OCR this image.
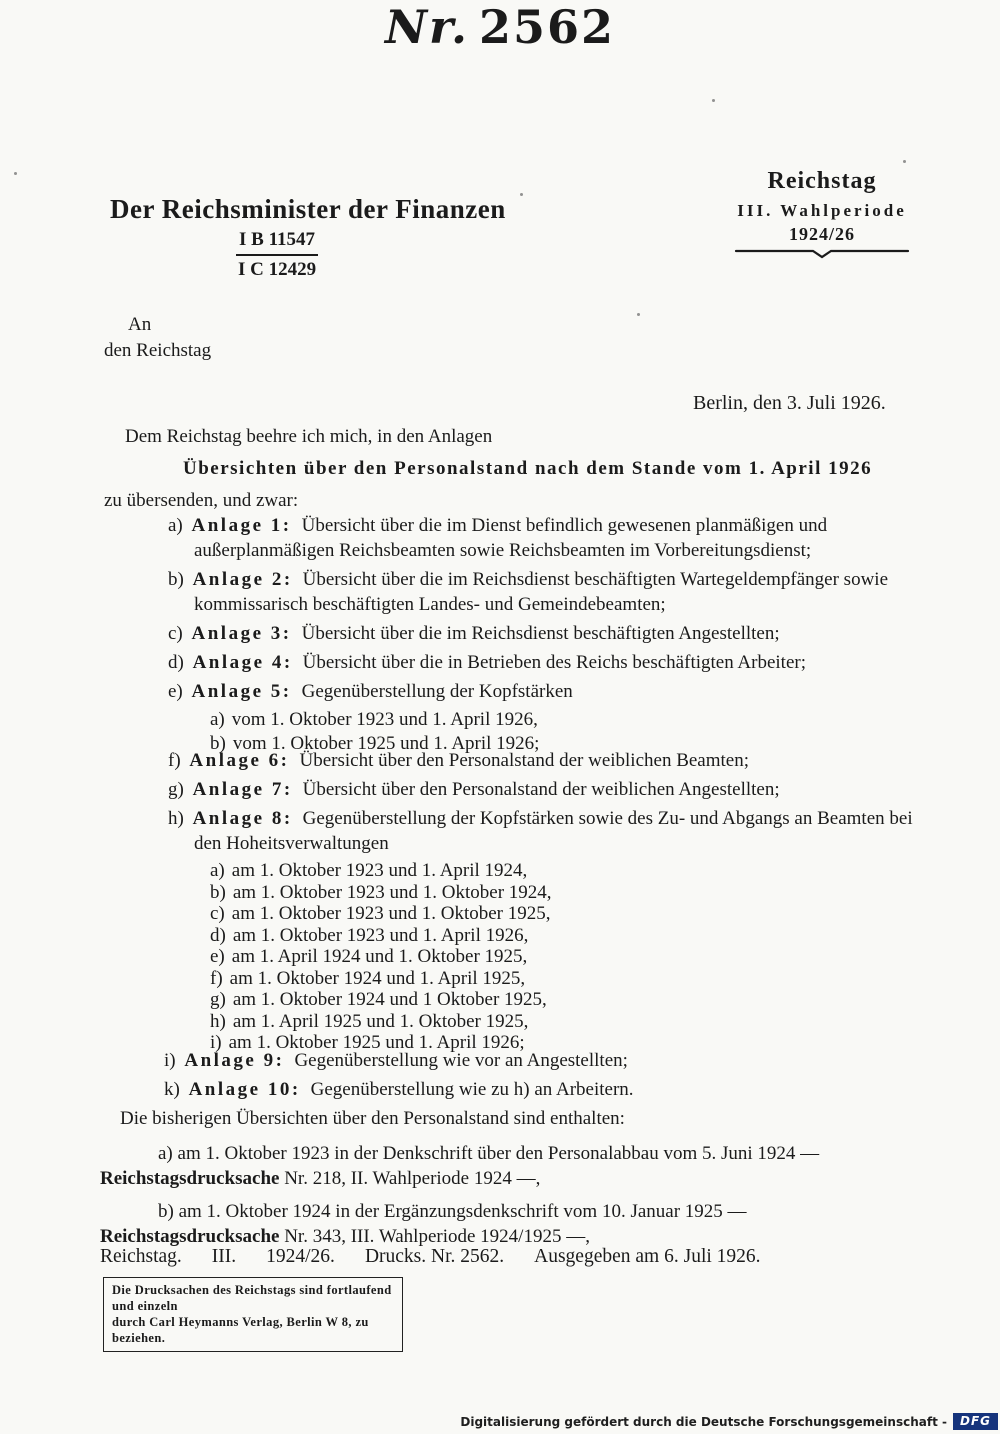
Nr. 2562
Der Reichsminister der Finanzen
I B 11547
I C 12429
Reichstag
III. Wahlperiode
1924/26
An
den Reichstag
Berlin, den 3. Juli 1926.
Dem Reichstag beehre ich mich, in den Anlagen
Übersichten über den Personalstand nach dem Stande vom 1. April 1926
zu übersenden, und zwar:
a) Anlage 1: Übersicht über die im Dienst befindlich gewesenen planmäßigen und außerplanmäßigen Reichsbeamten sowie Reichsbeamten im Vorbereitungsdienst;
b) Anlage 2: Übersicht über die im Reichsdienst beschäftigten Wartegeldempfänger sowie kommissarisch beschäftigten Landes- und Gemeindebeamten;
c) Anlage 3: Übersicht über die im Reichsdienst beschäftigten Angestellten;
d) Anlage 4: Übersicht über die in Betrieben des Reichs beschäftigten Arbeiter;
e) Anlage 5: Gegenüberstellung der Kopfstärken
a) vom 1. Oktober 1923 und 1. April 1926,
b) vom 1. Oktober 1925 und 1. April 1926;
f) Anlage 6: Übersicht über den Personalstand der weiblichen Beamten;
g) Anlage 7: Übersicht über den Personalstand der weiblichen Angestellten;
h) Anlage 8: Gegenüberstellung der Kopfstärken sowie des Zu- und Abgangs an Beamten bei den Hoheitsverwaltungen
a) am 1. Oktober 1923 und 1. April 1924,
b) am 1. Oktober 1923 und 1. Oktober 1924,
c) am 1. Oktober 1923 und 1. Oktober 1925,
d) am 1. Oktober 1923 und 1. April 1926,
e) am 1. April 1924 und 1. Oktober 1925,
f) am 1. Oktober 1924 und 1. April 1925,
g) am 1. Oktober 1924 und 1 Oktober 1925,
h) am 1. April 1925 und 1. Oktober 1925,
i) am 1. Oktober 1925 und 1. April 1926;
i) Anlage 9: Gegenüberstellung wie vor an Angestellten;
k) Anlage 10: Gegenüberstellung wie zu h) an Arbeitern.

Die bisherigen Übersichten über den Personalstand sind enthalten:

a) am 1. Oktober 1923 in der Denkschrift über den Personalabbau vom 5. Juni 1924 — Reichstagsdrucksache Nr. 218, II. Wahlperiode 1924 —,

b) am 1. Oktober 1924 in der Ergänzungsdenkschrift vom 10. Januar 1925 — Reichstagsdrucksache Nr. 343, III. Wahlperiode 1924/1925 —,

Reichstag. III. 1924/26. Drucks. Nr. 2562. Ausgegeben am 6. Juli 1926.
Die Drucksachen des Reichstags sind fortlaufend und einzeln
durch Carl Heymanns Verlag, Berlin W 8, zu beziehen.
Digitalisierung gefördert durch die Deutsche Forschungsgemeinschaft -	DFG
